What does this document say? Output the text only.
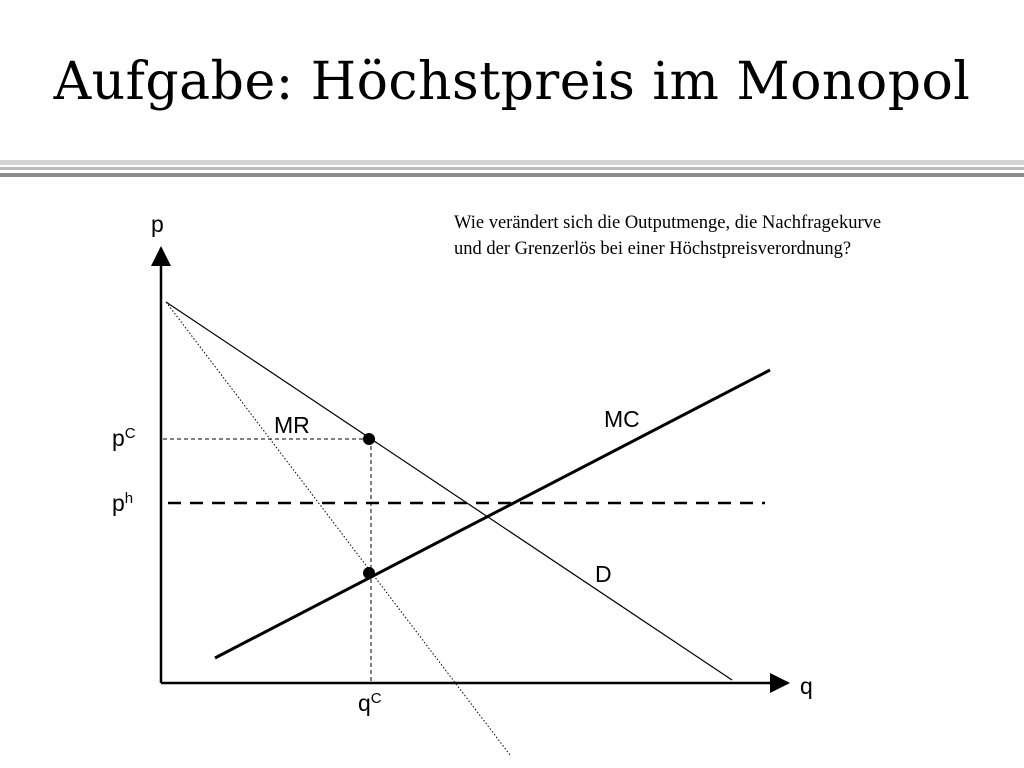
Aufgabe: Höchstpreis im Monopol
Wie verändert sich die Outputmenge, die Nachfragekurve und der Grenzerlös bei einer Höchstpreisverordnung?
p
q
MR	MC
D
$p^C$
$p^h$
$q^C$
